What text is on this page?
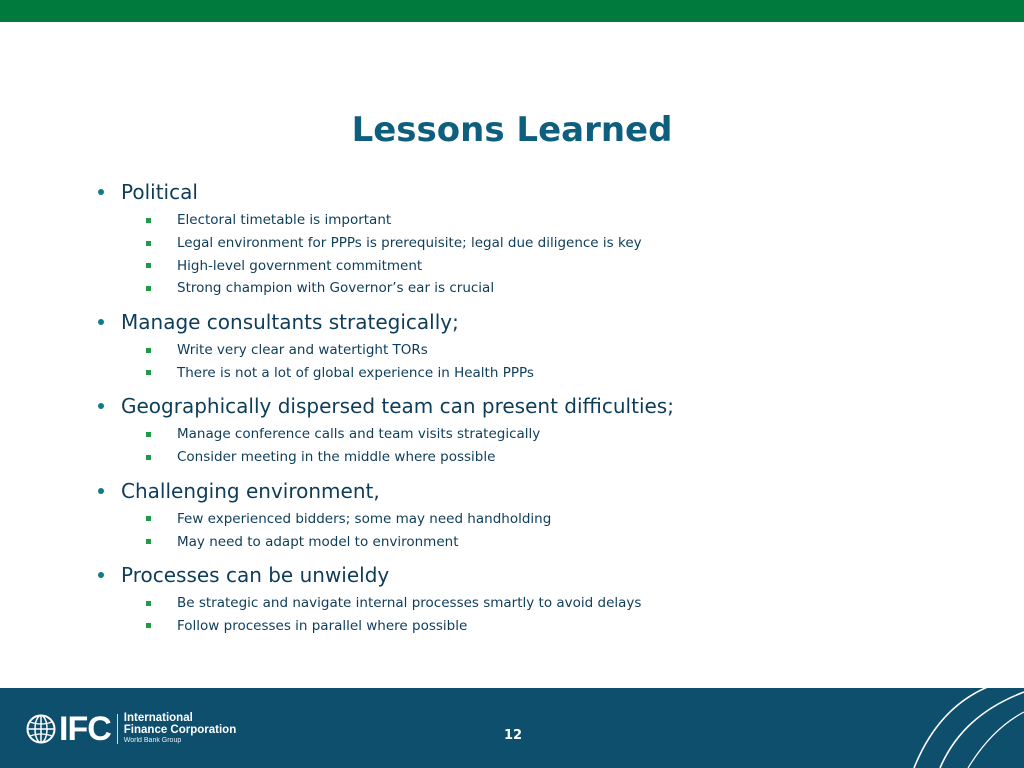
Lessons Learned
Political
Electoral timetable is important
Legal environment for PPPs is prerequisite; legal due diligence is key
High-level government commitment
Strong champion with Governor’s ear is crucial
Manage consultants strategically;
Write very clear and watertight TORs
There is not a lot of global experience in Health PPPs
Geographically dispersed team can present difficulties;
Manage conference calls and team visits strategically
Consider meeting in the middle where possible
Challenging environment,
Few experienced bidders; some may need handholding
May need to adapt model to environment
Processes can be unwieldy
Be strategic and navigate internal processes smartly to avoid delays
Follow processes in parallel where possible
IFC International
Finance Corporation
World Bank Group	12
